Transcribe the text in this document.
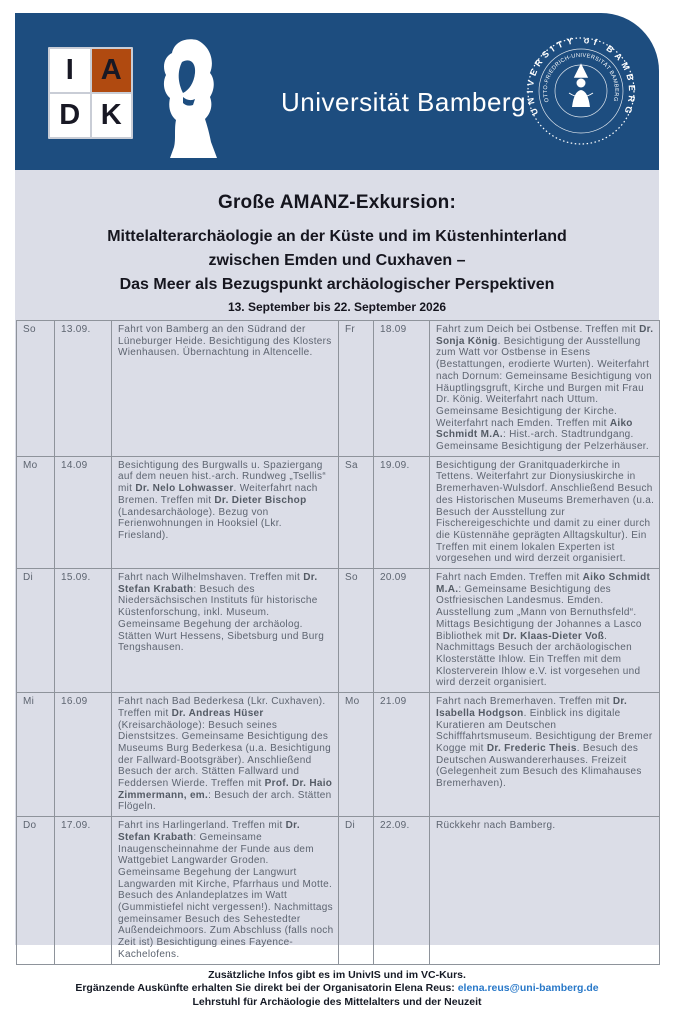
I A
D K	Universität Bamberg UNIVERSITY of BAMBERG
OTTO-FRIEDRICH-UNIVERSITÄT BAMBERG
Große AMANZ-Exkursion:
Mittelalterarchäologie an der Küste und im Küstenhinterland
zwischen Emden und Cuxhaven –
Das Meer als Bezugspunkt archäologischer Perspektiven
13. September bis 22. September 2026
So	13.09.	Fahrt von Bamberg an den Südrand der Lüneburger Heide. Besichtigung des Klosters Wienhausen. Übernachtung in Altencelle.	Fr	18.09	Fahrt zum Deich bei Ostbense. Treffen mit Dr. Sonja König. Besichtigung der Ausstellung zum Watt vor Ostbense in Esens (Bestattungen, erodierte Wurten). Weiterfahrt nach Dornum: Gemeinsame Besichtigung von Häuptlingsgruft, Kirche und Burgen mit Frau Dr. König. Weiterfahrt nach Uttum. Gemeinsame Besichtigung der Kirche. Weiterfahrt nach Emden. Treffen mit Aiko Schmidt M.A.: Hist.-arch. Stadtrundgang. Gemeinsame Besichtigung der Pelzerhäuser.
Mo	14.09	Besichtigung des Burgwalls u. Spaziergang auf dem neuen hist.-arch. Rundweg „Tsellis“ mit Dr. Nelo Lohwasser. Weiterfahrt nach Bremen. Treffen mit Dr. Dieter Bischop (Landesarchäologe). Bezug von Ferienwohnungen in Hooksiel (Lkr. Friesland).	Sa	19.09.	Besichtigung der Granitquaderkirche in Tettens. Weiterfahrt zur Dionysiuskirche in Bremerhaven-Wulsdorf. Anschließend Besuch des Historischen Museums Bremerhaven (u.a. Besuch der Ausstellung zur Fischereigeschichte und damit zu einer durch die Küstennähe geprägten Alltagskultur). Ein Treffen mit einem lokalen Experten ist vorgesehen und wird derzeit organisiert.
Di	15.09.	Fahrt nach Wilhelmshaven. Treffen mit Dr. Stefan Krabath: Besuch des Niedersächsischen Instituts für historische Küstenforschung, inkl. Museum. Gemeinsame Begehung der archäolog. Stätten Wurt Hessens, Sibetsburg und Burg Tengshausen.	So	20.09	Fahrt nach Emden. Treffen mit Aiko Schmidt M.A.: Gemeinsame Besichtigung des Ostfriesischen Landesmus. Emden. Ausstellung zum „Mann von Bernuthsfeld“. Mittags Besichtigung der Johannes a Lasco Bibliothek mit Dr. Klaas-Dieter Voß. Nachmittags Besuch der archäologischen Klosterstätte Ihlow. Ein Treffen mit dem Klosterverein Ihlow e.V. ist vorgesehen und wird derzeit organisiert.
Mi	16.09	Fahrt nach Bad Bederkesa (Lkr. Cuxhaven). Treffen mit Dr. Andreas Hüser (Kreisarchäologe): Besuch seines Dienstsitzes. Gemeinsame Besichtigung des Museums Burg Bederkesa (u.a. Besichtigung der Fallward-Bootsgräber). Anschließend Besuch der arch. Stätten Fallward und Feddersen Wierde. Treffen mit Prof. Dr. Haio Zimmermann, em.: Besuch der arch. Stätten Flögeln.	Mo	21.09	Fahrt nach Bremerhaven. Treffen mit Dr. Isabella Hodgson. Einblick ins digitale Kuratieren am Deutschen Schifffahrtsmuseum. Besichtigung der Bremer Kogge mit Dr. Frederic Theis. Besuch des Deutschen Auswandererhauses. Freizeit (Gelegenheit zum Besuch des Klimahauses Bremerhaven).
Do	17.09.	Fahrt ins Harlingerland. Treffen mit Dr. Stefan Krabath: Gemeinsame Inaugenscheinnahme der Funde aus dem Wattgebiet Langwarder Groden. Gemeinsame Begehung der Langwurt Langwarden mit Kirche, Pfarrhaus und Motte. Besuch des Anlandeplatzes im Watt (Gummistiefel nicht vergessen!). Nachmittags gemeinsamer Besuch des Sehestedter Außendeichmoors. Zum Abschluss (falls noch Zeit ist) Besichtigung eines Fayence-Kachelofens.	Di	22.09.	Rückkehr nach Bamberg.
Zusätzliche Infos gibt es im UnivIS und im VC-Kurs.
Ergänzende Auskünfte erhalten Sie direkt bei der Organisatorin Elena Reus: elena.reus@uni-bamberg.de
Lehrstuhl für Archäologie des Mittelalters und der Neuzeit
